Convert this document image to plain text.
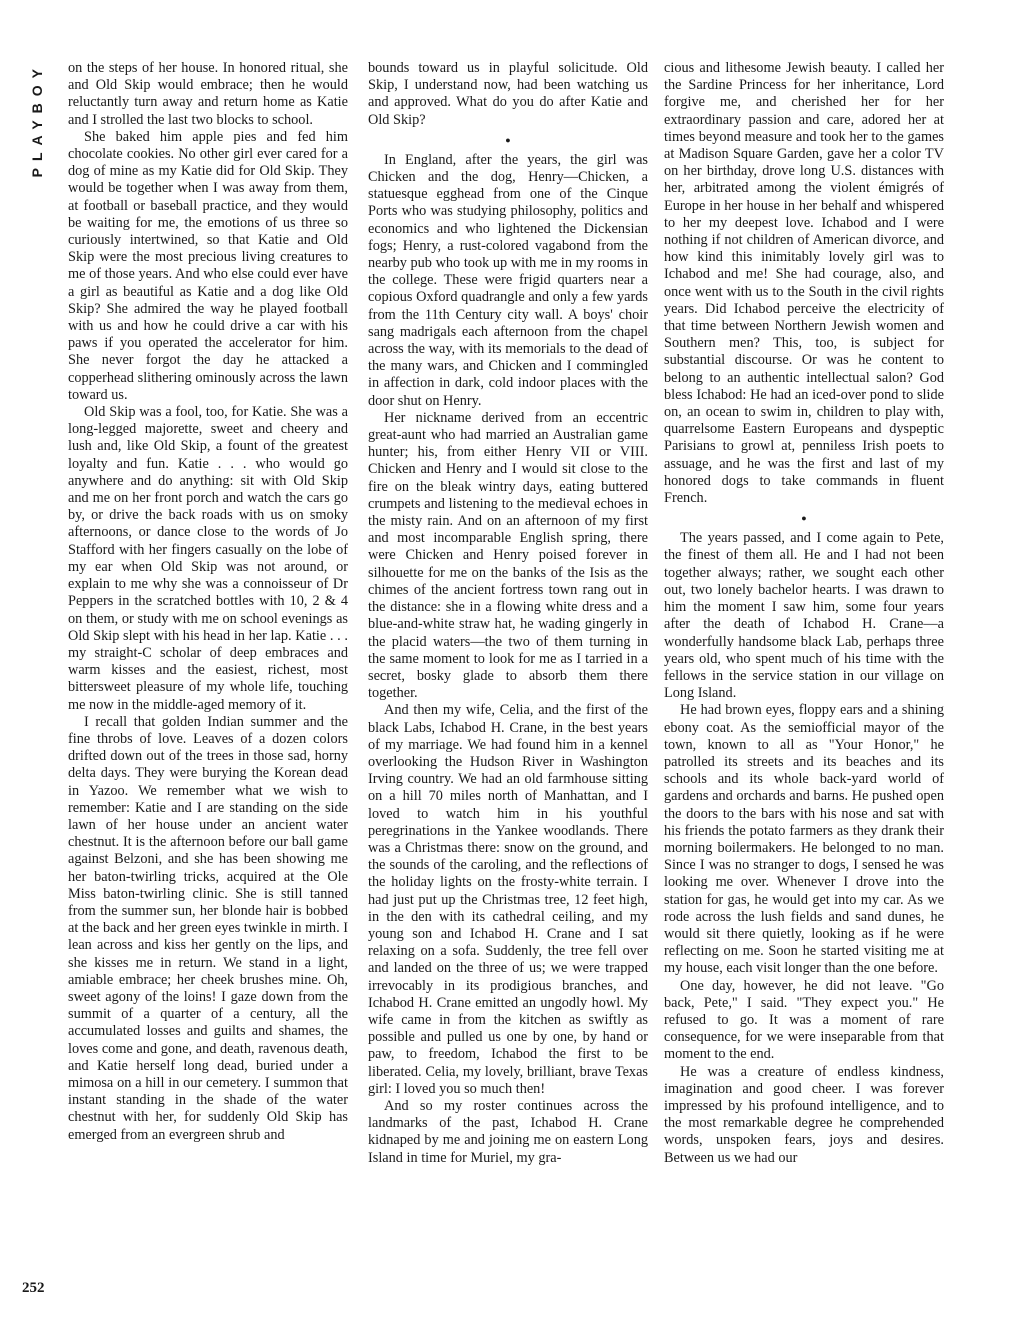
PLAYBOY
252

on the steps of her house. In honored ritual, she and Old Skip would embrace; then he would reluctantly turn away and return home as Katie and I strolled the last two blocks to school.

She baked him apple pies and fed him chocolate cookies. No other girl ever cared for a dog of mine as my Katie did for Old Skip. They would be together when I was away from them, at football or baseball practice, and they would be waiting for me, the emotions of us three so curiously intertwined, so that Katie and Old Skip were the most precious living creatures to me of those years. And who else could ever have a girl as beautiful as Katie and a dog like Old Skip? She admired the way he played football with us and how he could drive a car with his paws if you operated the accelerator for him. She never forgot the day he attacked a copperhead slithering ominously across the lawn toward us.

Old Skip was a fool, too, for Katie. She was a long-legged majorette, sweet and cheery and lush and, like Old Skip, a fount of the greatest loyalty and fun. Katie . . . who would go anywhere and do anything: sit with Old Skip and me on her front porch and watch the cars go by, or drive the back roads with us on smoky afternoons, or dance close to the words of Jo Stafford with her fingers casually on the lobe of my ear when Old Skip was not around, or explain to me why she was a connoisseur of Dr Peppers in the scratched bottles with 10, 2 & 4 on them, or study with me on school evenings as Old Skip slept with his head in her lap. Katie . . . my straight-C scholar of deep embraces and warm kisses and the easiest, richest, most bittersweet pleasure of my whole life, touching me now in the middle-aged memory of it.

I recall that golden Indian summer and the fine throbs of love. Leaves of a dozen colors drifted down out of the trees in those sad, horny delta days. They were burying the Korean dead in Yazoo. We remember what we wish to remember: Katie and I are standing on the side lawn of her house under an ancient water chestnut. It is the afternoon before our ball game against Belzoni, and she has been showing me her baton-twirling tricks, acquired at the Ole Miss baton-twirling clinic. She is still tanned from the summer sun, her blonde hair is bobbed at the back and her green eyes twinkle in mirth. I lean across and kiss her gently on the lips, and she kisses me in return. We stand in a light, amiable embrace; her cheek brushes mine. Oh, sweet agony of the loins! I gaze down from the summit of a quarter of a century, all the accumulated losses and guilts and shames, the loves come and gone, and death, ravenous death, and Katie herself long dead, buried under a mimosa on a hill in our cemetery. I summon that instant standing in the shade of the water chestnut with her, for suddenly Old Skip has emerged from an evergreen shrub and

bounds toward us in playful solicitude. Old Skip, I understand now, had been watching us and approved. What do you do after Katie and Old Skip?

●

In England, after the years, the girl was Chicken and the dog, Henry—Chicken, a statuesque egghead from one of the Cinque Ports who was studying philosophy, politics and economics and who lightened the Dickensian fogs; Henry, a rust-colored vagabond from the nearby pub who took up with me in my rooms in the college. These were frigid quarters near a copious Oxford quadrangle and only a few yards from the 11th Century city wall. A boys' choir sang madrigals each afternoon from the chapel across the way, with its memorials to the dead of the many wars, and Chicken and I commingled in affection in dark, cold indoor places with the door shut on Henry.

Her nickname derived from an eccentric great-aunt who had married an Australian game hunter; his, from either Henry VII or VIII. Chicken and Henry and I would sit close to the fire on the bleak wintry days, eating buttered crumpets and listening to the medieval echoes in the misty rain. And on an afternoon of my first and most incomparable English spring, there were Chicken and Henry poised forever in silhouette for me on the banks of the Isis as the chimes of the ancient fortress town rang out in the distance: she in a flowing white dress and a blue-and-white straw hat, he wading gingerly in the placid waters—the two of them turning in the same moment to look for me as I tarried in a secret, bosky glade to absorb them there together.

And then my wife, Celia, and the first of the black Labs, Ichabod H. Crane, in the best years of my marriage. We had found him in a kennel overlooking the Hudson River in Washington Irving country. We had an old farmhouse sitting on a hill 70 miles north of Manhattan, and I loved to watch him in his youthful peregrinations in the Yankee woodlands. There was a Christmas there: snow on the ground, and the sounds of the caroling, and the reflections of the holiday lights on the frosty-white terrain. I had just put up the Christmas tree, 12 feet high, in the den with its cathedral ceiling, and my young son and Ichabod H. Crane and I sat relaxing on a sofa. Suddenly, the tree fell over and landed on the three of us; we were trapped irrevocably in its prodigious branches, and Ichabod H. Crane emitted an ungodly howl. My wife came in from the kitchen as swiftly as possible and pulled us one by one, by hand or paw, to freedom, Ichabod the first to be liberated. Celia, my lovely, brilliant, brave Texas girl: I loved you so much then!

And so my roster continues across the landmarks of the past, Ichabod H. Crane kidnaped by me and joining me on eastern Long Island in time for Muriel, my gra-

cious and lithesome Jewish beauty. I called her the Sardine Princess for her inheritance, Lord forgive me, and cherished her for her extraordinary passion and care, adored her at times beyond measure and took her to the games at Madison Square Garden, gave her a color TV on her birthday, drove long U.S. distances with her, arbitrated among the violent émigrés of Europe in her house in her behalf and whispered to her my deepest love. Ichabod and I were nothing if not children of American divorce, and how kind this inimitably lovely girl was to Ichabod and me! She had courage, also, and once went with us to the South in the civil rights years. Did Ichabod perceive the electricity of that time between Northern Jewish women and Southern men? This, too, is subject for substantial discourse. Or was he content to belong to an authentic intellectual salon? God bless Ichabod: He had an iced-over pond to slide on, an ocean to swim in, children to play with, quarrelsome Eastern Europeans and dyspeptic Parisians to growl at, penniless Irish poets to assuage, and he was the first and last of my honored dogs to take commands in fluent French.

●

The years passed, and I come again to Pete, the finest of them all. He and I had not been together always; rather, we sought each other out, two lonely bachelor hearts. I was drawn to him the moment I saw him, some four years after the death of Ichabod H. Crane—a wonderfully handsome black Lab, perhaps three years old, who spent much of his time with the fellows in the service station in our village on Long Island.

He had brown eyes, floppy ears and a shining ebony coat. As the semiofficial mayor of the town, known to all as "Your Honor," he patrolled its streets and its beaches and its schools and its whole back-yard world of gardens and orchards and barns. He pushed open the doors to the bars with his nose and sat with his friends the potato farmers as they drank their morning boilermakers. He belonged to no man. Since I was no stranger to dogs, I sensed he was looking me over. Whenever I drove into the station for gas, he would get into my car. As we rode across the lush fields and sand dunes, he would sit there quietly, looking as if he were reflecting on me. Soon he started visiting me at my house, each visit longer than the one before.

One day, however, he did not leave. "Go back, Pete," I said. "They expect you." He refused to go. It was a moment of rare consequence, for we were inseparable from that moment to the end.

He was a creature of endless kindness, imagination and good cheer. I was forever impressed by his profound intelligence, and to the most remarkable degree he comprehended words, unspoken fears, joys and desires. Between us we had our
